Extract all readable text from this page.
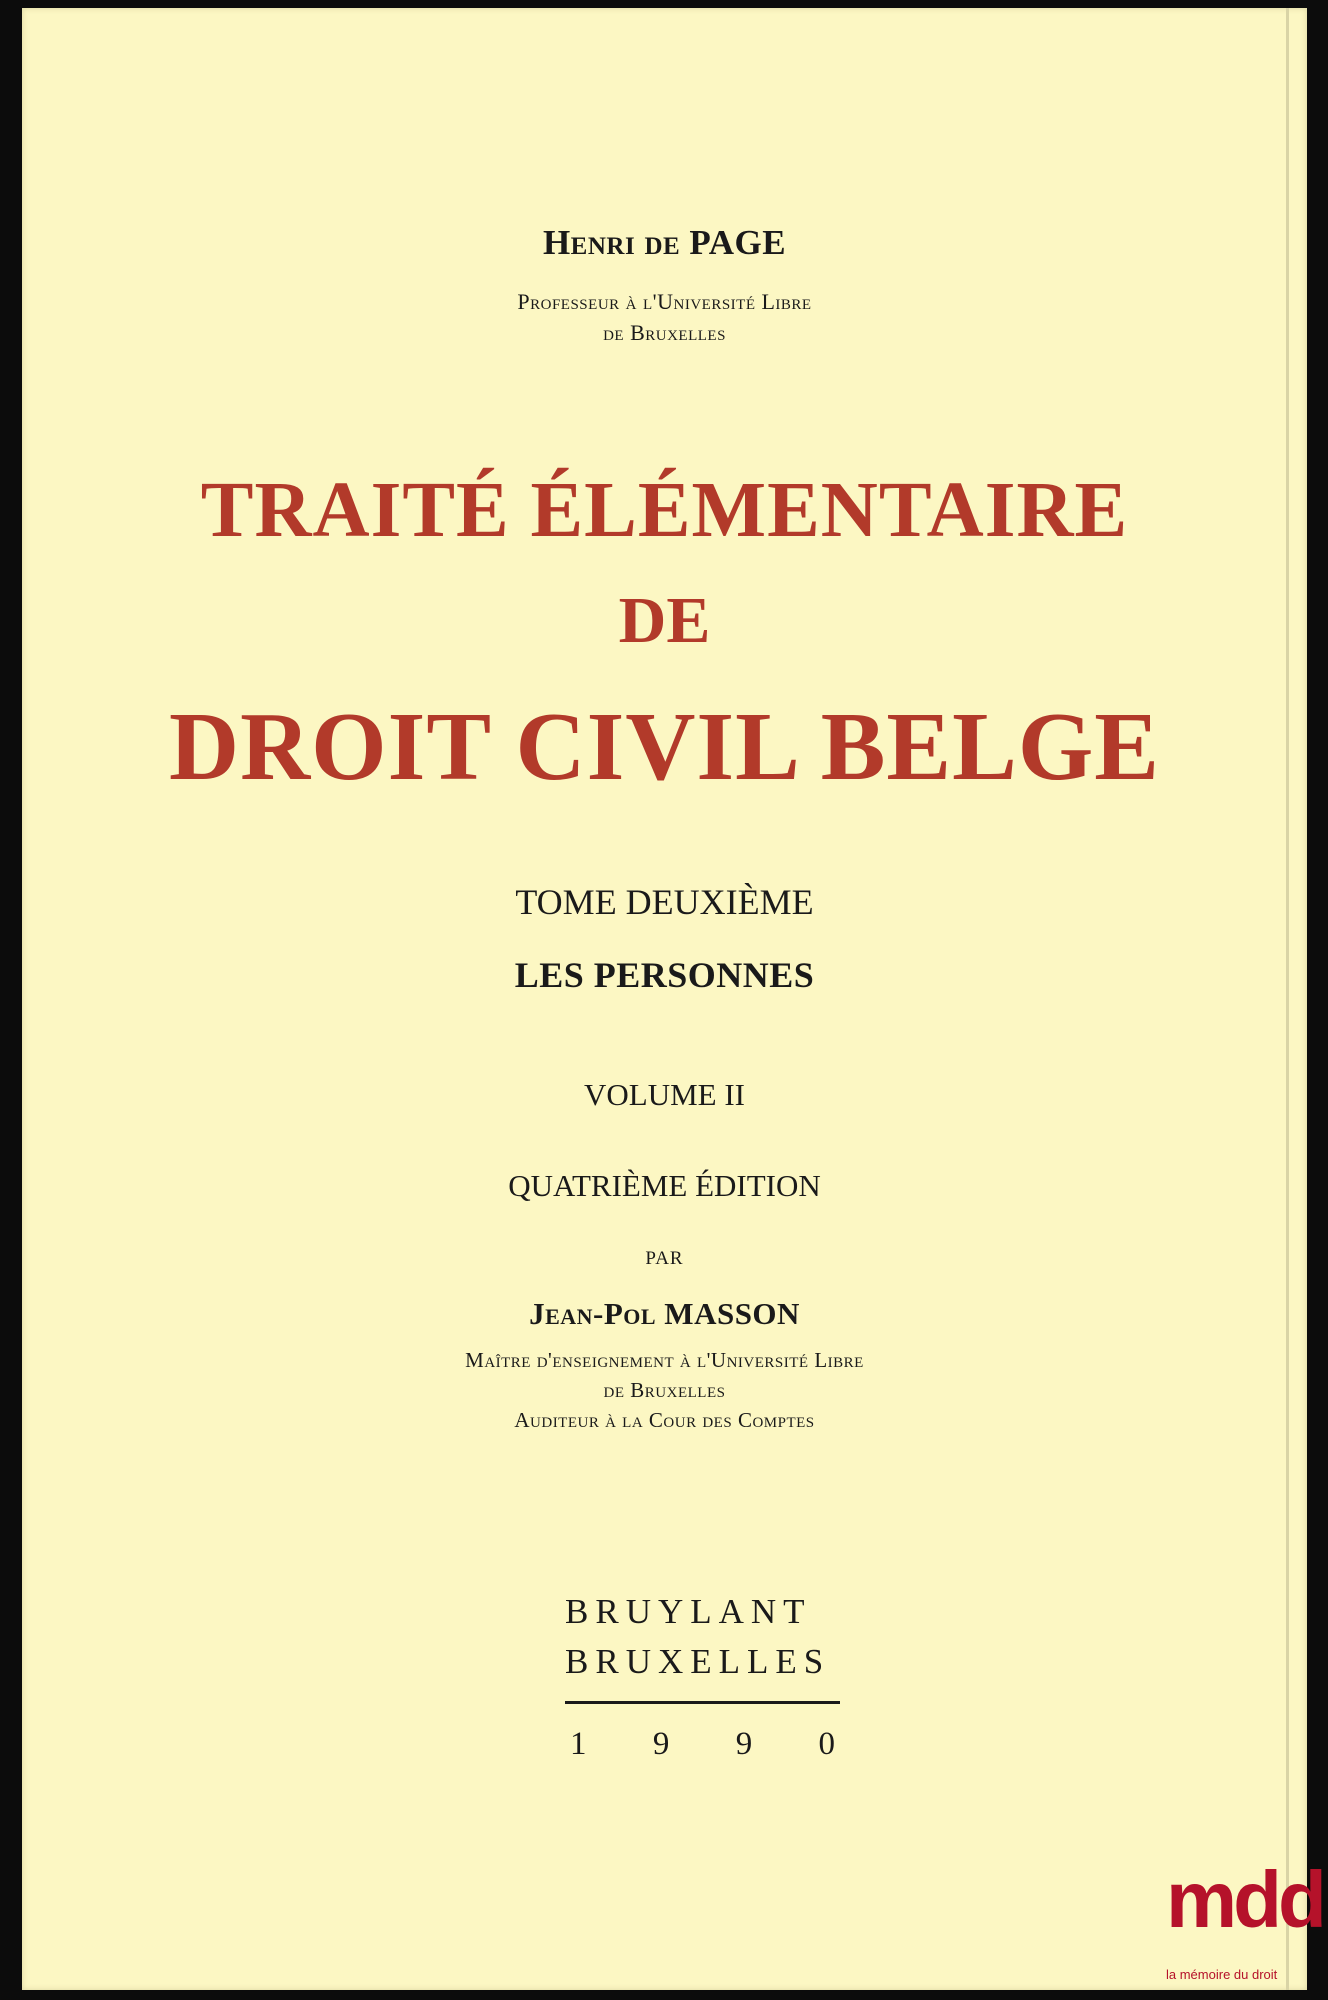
Henri de PAGE
Professeur à l'Université Libre
de Bruxelles
TRAITÉ ÉLÉMENTAIRE
DE
DROIT CIVIL BELGE
TOME DEUXIÈME
LES PERSONNES
VOLUME II
QUATRIÈME ÉDITION
PAR
Jean-Pol MASSON
Maître d'enseignement à l'Université Libre
de Bruxelles
Auditeur à la Cour des Comptes
BRUYLANT
BRUXELLES
1 9 9 0
mdd
la mémoire du droit
